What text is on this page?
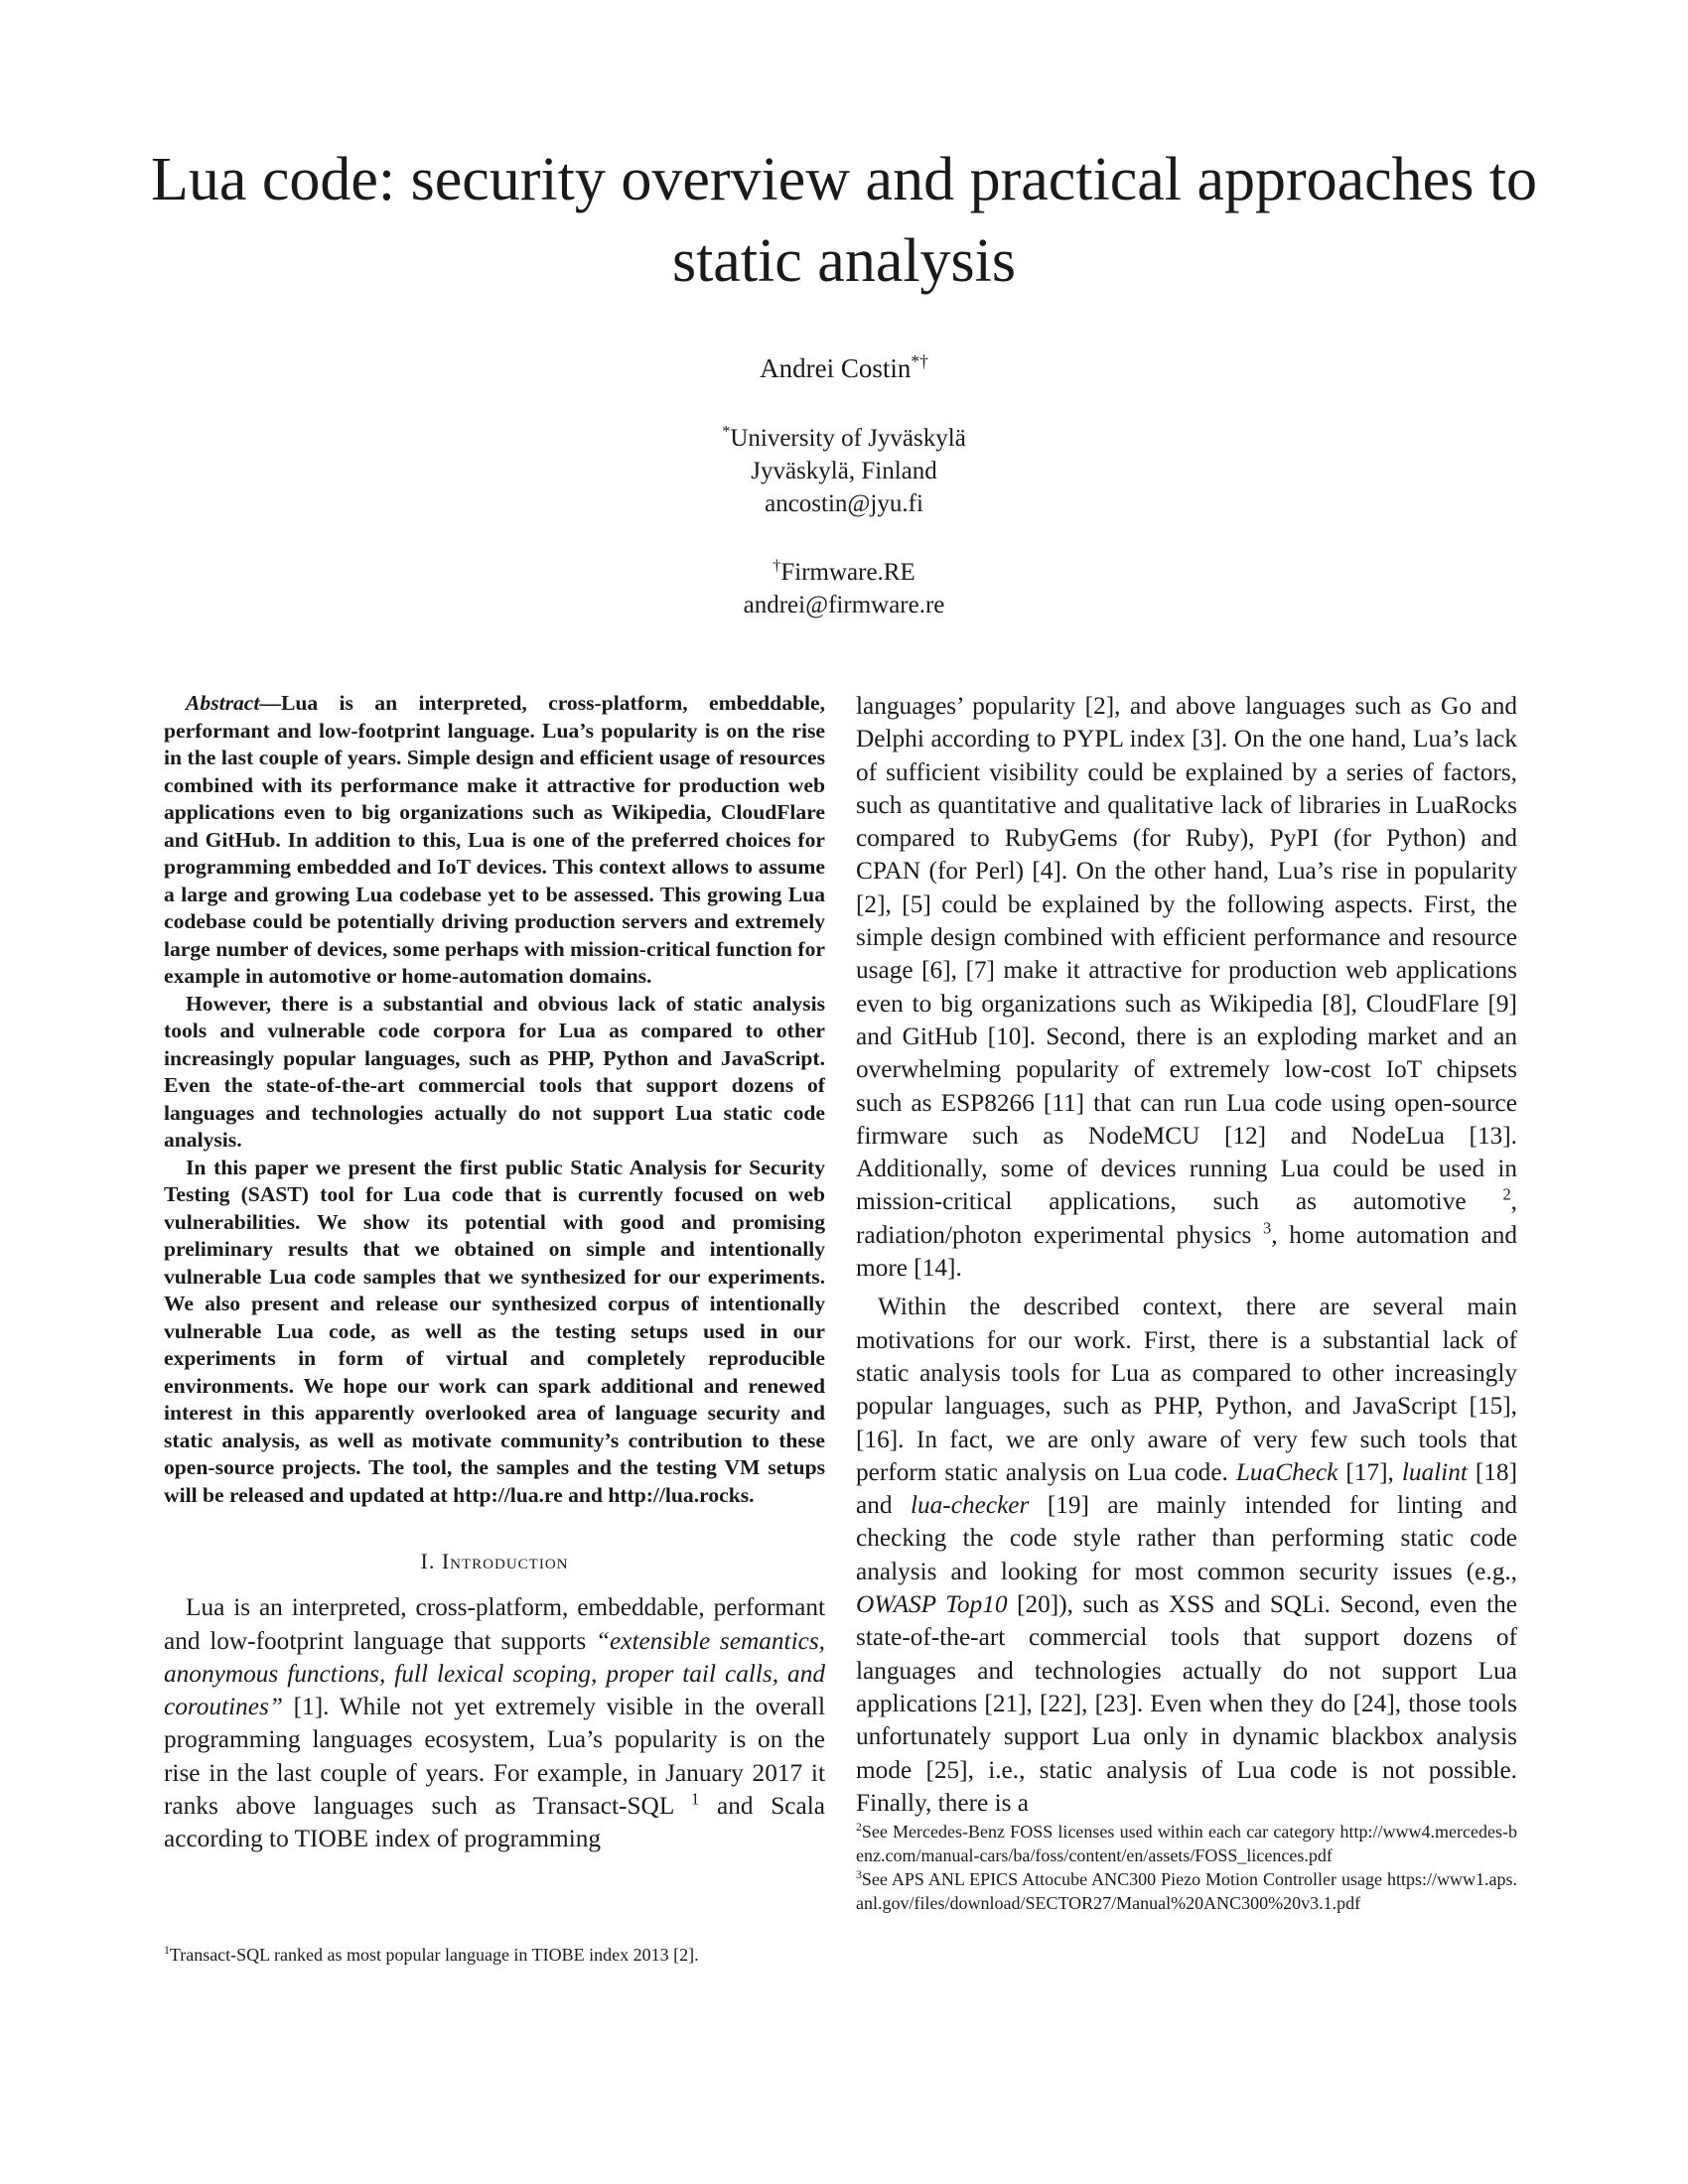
Lua code: security overview and practical approaches to static analysis
Andrei Costin*†
*University of Jyväskylä
Jyväskylä, Finland
ancostin@jyu.fi
†Firmware.RE
andrei@firmware.re

Abstract—Lua is an interpreted, cross-platform, embeddable, performant and low-footprint language. Lua’s popularity is on the rise in the last couple of years. Simple design and efficient usage of resources combined with its performance make it attractive for production web applications even to big organizations such as Wikipedia, CloudFlare and GitHub. In addition to this, Lua is one of the preferred choices for programming embedded and IoT devices. This context allows to assume a large and growing Lua codebase yet to be assessed. This growing Lua codebase could be potentially driving production servers and extremely large number of devices, some perhaps with mission-critical function for example in automotive or home-automation domains.

However, there is a substantial and obvious lack of static analysis tools and vulnerable code corpora for Lua as compared to other increasingly popular languages, such as PHP, Python and JavaScript. Even the state-of-the-art commercial tools that support dozens of languages and technologies actually do not support Lua static code analysis.

In this paper we present the first public Static Analysis for Security Testing (SAST) tool for Lua code that is currently focused on web vulnerabilities. We show its potential with good and promising preliminary results that we obtained on simple and intentionally vulnerable Lua code samples that we synthesized for our experiments. We also present and release our synthesized corpus of intentionally vulnerable Lua code, as well as the testing setups used in our experiments in form of virtual and completely reproducible environments. We hope our work can spark additional and renewed interest in this apparently overlooked area of language security and static analysis, as well as motivate community’s contribution to these open-source projects. The tool, the samples and the testing VM setups will be released and updated at http://lua.re and http://lua.rocks.

I. Introduction

Lua is an interpreted, cross-platform, embeddable, performant and low-footprint language that supports “extensible semantics, anonymous functions, full lexical scoping, proper tail calls, and coroutines” [1]. While not yet extremely visible in the overall programming languages ecosystem, Lua’s popularity is on the rise in the last couple of years. For example, in January 2017 it ranks above languages such as Transact-SQL $^1$ and Scala according to TIOBE index of programming

$^1$Transact-SQL ranked as most popular language in TIOBE index 2013 [2].

languages’ popularity [2], and above languages such as Go and Delphi according to PYPL index [3]. On the one hand, Lua’s lack of sufficient visibility could be explained by a series of factors, such as quantitative and qualitative lack of libraries in LuaRocks compared to RubyGems (for Ruby), PyPI (for Python) and CPAN (for Perl) [4]. On the other hand, Lua’s rise in popularity [2], [5] could be explained by the following aspects. First, the simple design combined with efficient performance and resource usage [6], [7] make it attractive for production web applications even to big organizations such as Wikipedia [8], CloudFlare [9] and GitHub [10]. Second, there is an exploding market and an overwhelming popularity of extremely low-cost IoT chipsets such as ESP8266 [11] that can run Lua code using open-source firmware such as NodeMCU [12] and NodeLua [13]. Additionally, some of devices running Lua could be used in mission-critical applications, such as automotive $^2$, radiation/photon experimental physics $^3$, home automation and more [14].

Within the described context, there are several main motivations for our work. First, there is a substantial lack of static analysis tools for Lua as compared to other increasingly popular languages, such as PHP, Python, and JavaScript [15], [16]. In fact, we are only aware of very few such tools that perform static analysis on Lua code. LuaCheck [17], lualint [18] and lua-checker [19] are mainly intended for linting and checking the code style rather than performing static code analysis and looking for most common security issues (e.g., OWASP Top10 [20]), such as XSS and SQLi. Second, even the state-of-the-art commercial tools that support dozens of languages and technologies actually do not support Lua applications [21], [22], [23]. Even when they do [24], those tools unfortunately support Lua only in dynamic blackbox analysis mode [25], i.e., static analysis of Lua code is not possible. Finally, there is a

$^2$See Mercedes-Benz FOSS licenses used within each car category http://www4.mercedes-benz.com/manual-cars/ba/foss/content/en/assets/FOSS_licences.pdf

$^3$See APS ANL EPICS Attocube ANC300 Piezo Motion Controller usage https://www1.aps.anl.gov/files/download/SECTOR27/Manual%20ANC300%20v3.1.pdf
